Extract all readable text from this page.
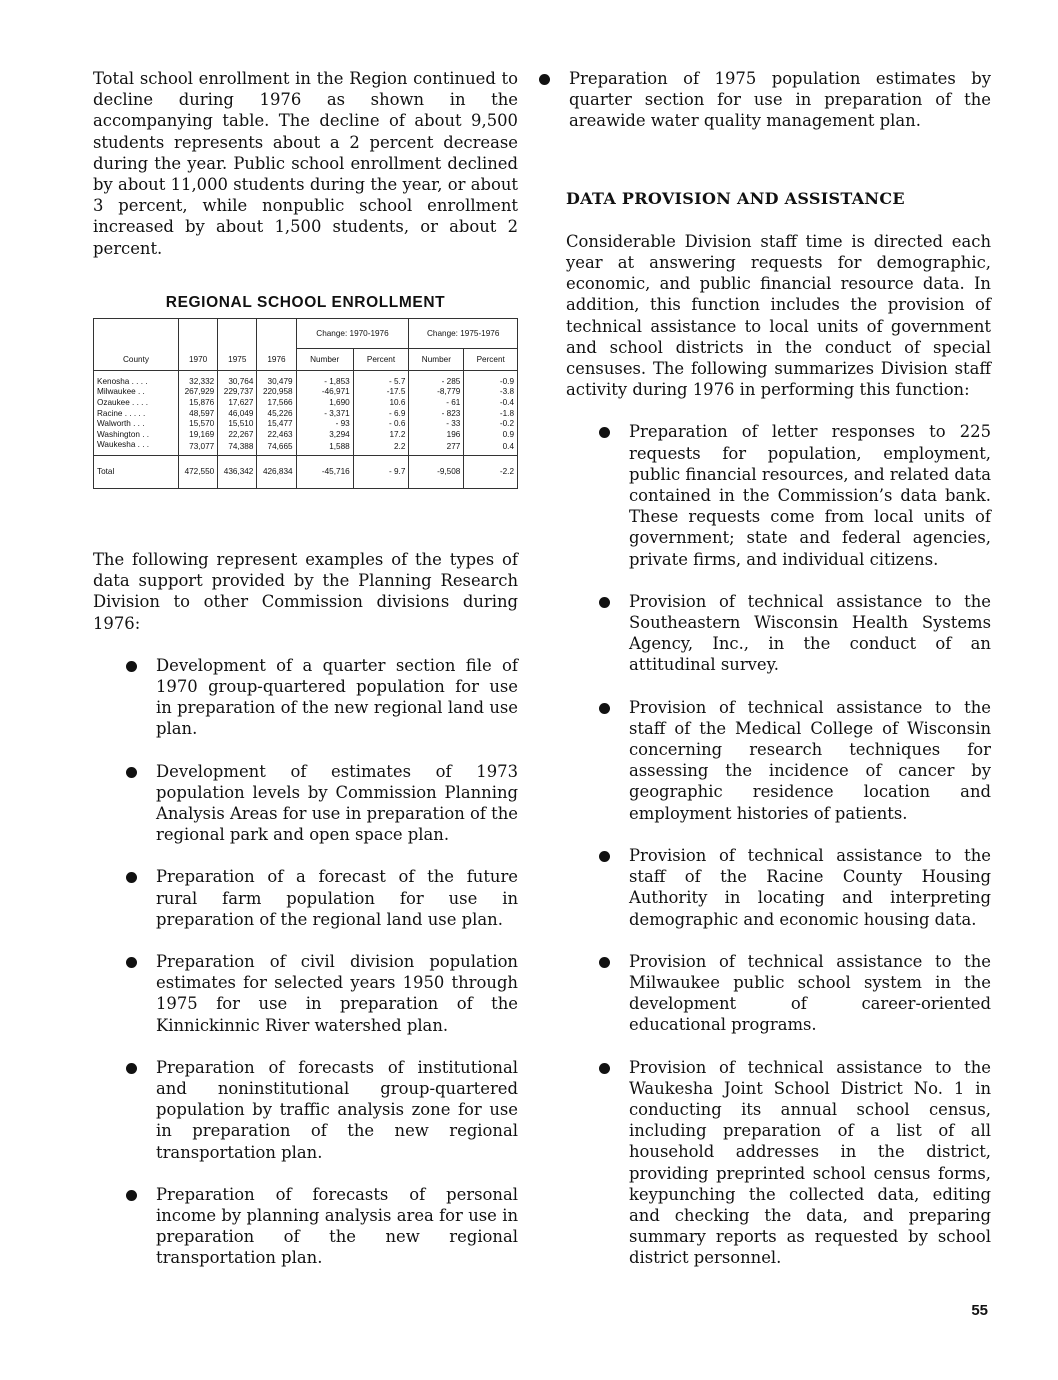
Total school enrollment in the Region continued to decline during 1976 as shown in the accompanying table. The decline of about 9,500 students represents about a 2 percent decrease during the year. Public school enrollment declined by about 11,000 students during the year, or about 3 percent, while nonpublic school enrollment increased by about 1,500 students, or about 2 percent.

REGIONAL SCHOOL ENROLLMENT
County	1970	1975	1976	Change: 1970-1976		Change: 1975-1976	
				Number	Percent	Number	Percent

Kenosha . . . .	32,332	30,764	30,479	- 1,853	- 5.7	- 285	-0.9
Milwaukee . .	267,929	229,737	220,958	-46,971	-17.5	-8,779	-3.8
Ozaukee . . . .	15,876	17,627	17,566	1,690	10.6	- 61	-0.4
Racine . . . . .	48,597	46,049	45,226	- 3,371	- 6.9	- 823	-1.8
Walworth . . .	15,570	15,510	15,477	- 93	- 0.6	- 33	-0.2
Washington . .	19,169	22,267	22,463	3,294	17.2	196	0.9
Waukesha . . .	73,077	74,388	74,665	1,588	2.2	277	0.4
Total	472,550	436,342	426,834	-45,716	- 9.7	-9,508	-2.2

The following represent examples of the types of data support provided by the Planning Research Division to other Commission divisions during 1976:

Development of a quarter section file of 1970 group-quartered population for use in preparation of the new regional land use plan.
Development of estimates of 1973 population levels by Commission Planning Analysis Areas for use in preparation of the regional park and open space plan.
Preparation of a forecast of the future rural farm population for use in preparation of the regional land use plan.
Preparation of civil division population estimates for selected years 1950 through 1975 for use in preparation of the Kinnickinnic River watershed plan.
Preparation of forecasts of institutional and noninstitutional group-quartered population by traffic analysis zone for use in preparation of the new regional transportation plan.
Preparation of forecasts of personal income by planning analysis area for use in preparation of the new regional transportation plan.
Preparation of 1975 population estimates by quarter section for use in preparation of the areawide water quality management plan.
DATA PROVISION AND ASSISTANCE

Considerable Division staff time is directed each year at answering requests for demographic, economic, and public financial resource data. In addition, this function includes the provision of technical assistance to local units of government and school districts in the conduct of special censuses. The following summarizes Division staff activity during 1976 in performing this function:

Preparation of letter responses to 225 requests for population, employment, public financial resources, and related data contained in the Commission’s data bank. These requests come from local units of government; state and federal agencies, private firms, and individual citizens.
Provision of technical assistance to the Southeastern Wisconsin Health Systems Agency, Inc., in the conduct of an attitudinal survey.
Provision of technical assistance to the staff of the Medical College of Wisconsin concerning research techniques for assessing the incidence of cancer by geographic residence location and employment histories of patients.
Provision of technical assistance to the staff of the Racine County Housing Authority in locating and interpreting demographic and economic housing data.
Provision of technical assistance to the Milwaukee public school system in the development of career-oriented educational programs.
Provision of technical assistance to the Waukesha Joint School District No. 1 in conducting its annual school census, including preparation of a list of all household addresses in the district, providing preprinted school census forms, keypunching the collected data, editing and checking the data, and preparing summary reports as requested by school district personnel.
55
